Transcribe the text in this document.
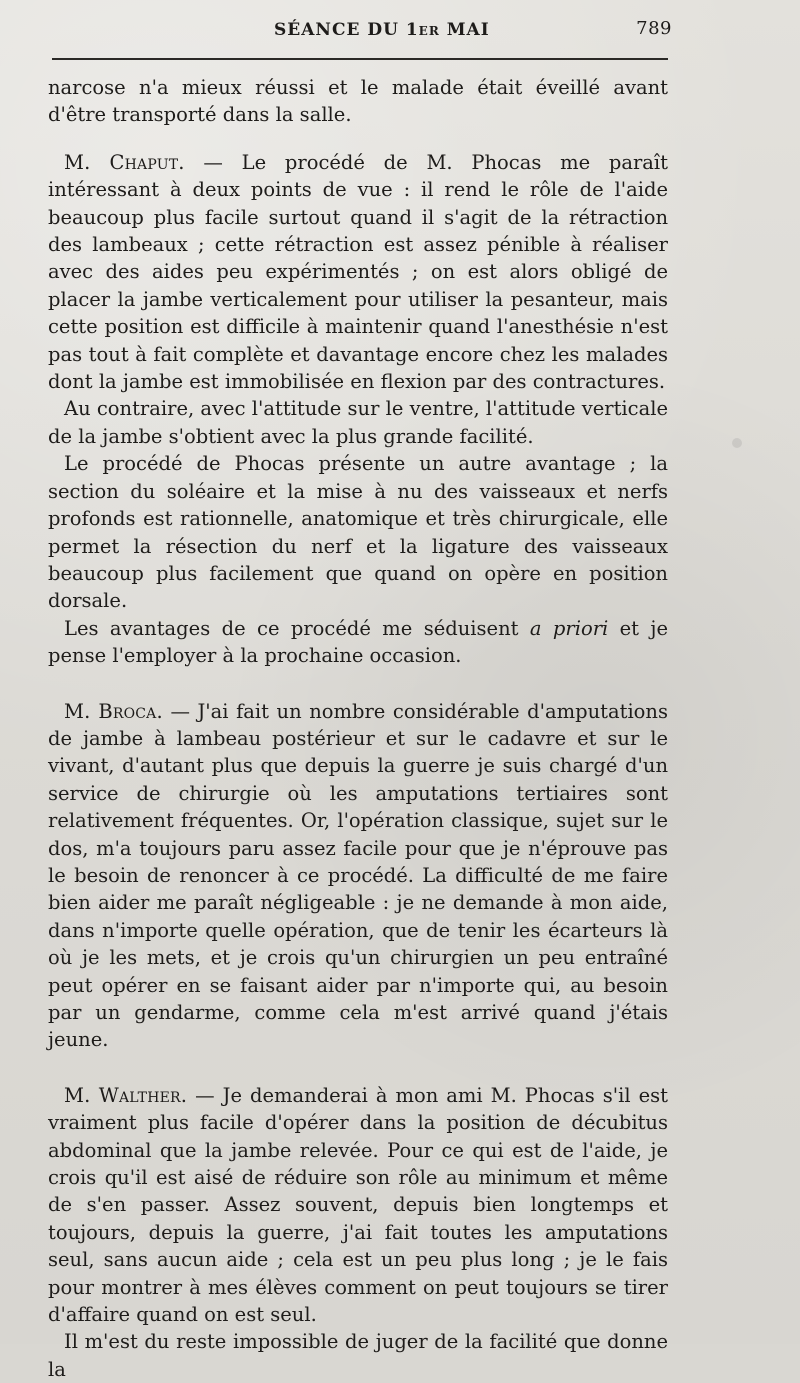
SÉANCE DU 1er MAI	789

narcose n'a mieux réussi et le malade était éveillé avant d'être transporté dans la salle.

M. Chaput. — Le procédé de M. Phocas me paraît intéressant à deux points de vue : il rend le rôle de l'aide beaucoup plus facile surtout quand il s'agit de la rétraction des lambeaux ; cette rétraction est assez pénible à réaliser avec des aides peu expérimentés ; on est alors obligé de placer la jambe verticalement pour utiliser la pesanteur, mais cette position est difficile à maintenir quand l'anesthésie n'est pas tout à fait complète et davantage encore chez les malades dont la jambe est immobilisée en flexion par des contractures.

Au contraire, avec l'attitude sur le ventre, l'attitude verticale de la jambe s'obtient avec la plus grande facilité.

Le procédé de Phocas présente un autre avantage ; la section du soléaire et la mise à nu des vaisseaux et nerfs profonds est rationnelle, anatomique et très chirurgicale, elle permet la résection du nerf et la ligature des vaisseaux beaucoup plus facilement que quand on opère en position dorsale.

Les avantages de ce procédé me séduisent a priori et je pense l'employer à la prochaine occasion.

M. Broca. — J'ai fait un nombre considérable d'amputations de jambe à lambeau postérieur et sur le cadavre et sur le vivant, d'autant plus que depuis la guerre je suis chargé d'un service de chirurgie où les amputations tertiaires sont relativement fréquentes. Or, l'opération classique, sujet sur le dos, m'a toujours paru assez facile pour que je n'éprouve pas le besoin de renoncer à ce procédé. La difficulté de me faire bien aider me paraît négligeable : je ne demande à mon aide, dans n'importe quelle opération, que de tenir les écarteurs là où je les mets, et je crois qu'un chirurgien un peu entraîné peut opérer en se faisant aider par n'importe qui, au besoin par un gendarme, comme cela m'est arrivé quand j'étais jeune.

M. Walther. — Je demanderai à mon ami M. Phocas s'il est vraiment plus facile d'opérer dans la position de décubitus abdominal que la jambe relevée. Pour ce qui est de l'aide, je crois qu'il est aisé de réduire son rôle au minimum et même de s'en passer. Assez souvent, depuis bien longtemps et toujours, depuis la guerre, j'ai fait toutes les amputations seul, sans aucun aide ; cela est un peu plus long ; je le fais pour montrer à mes élèves comment on peut toujours se tirer d'affaire quand on est seul.

Il m'est du reste impossible de juger de la facilité que donne la
